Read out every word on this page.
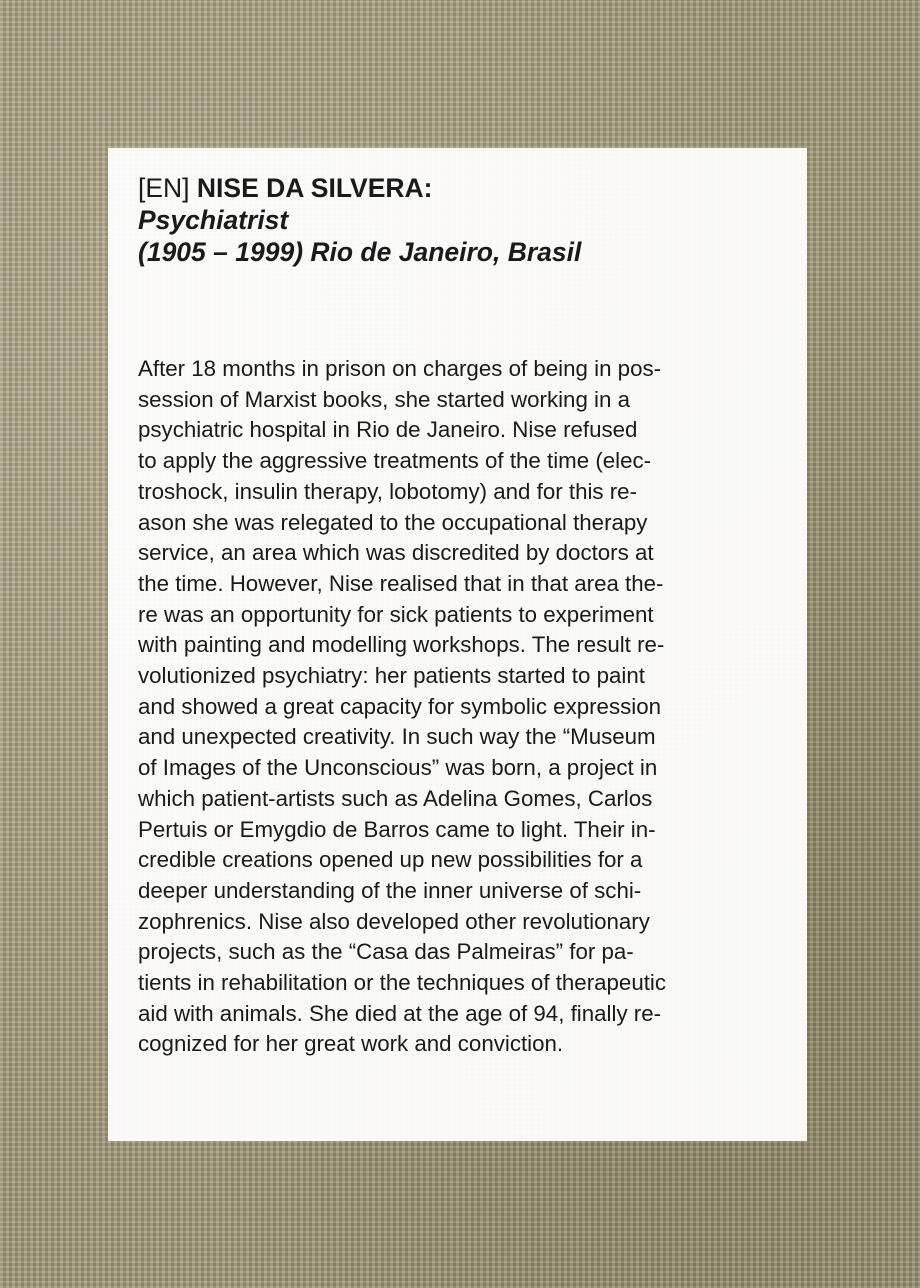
[EN] NISE DA SILVERA:

Psychiatrist

(1905 – 1999) Rio de Janeiro, Brasil

After 18 months in prison on charges of being in pos-
session of Marxist books, she started working in a
psychiatric hospital in Rio de Janeiro. Nise refused
to apply the aggressive treatments of the time (elec-
troshock, insulin therapy, lobotomy) and for this re-
ason she was relegated to the occupational therapy
service, an area which was discredited by doctors at
the time. However, Nise realised that in that area the-
re was an opportunity for sick patients to experiment
with painting and modelling workshops. The result re-
volutionized psychiatry: her patients started to paint
and showed a great capacity for symbolic expression
and unexpected creativity. In such way the “Museum
of Images of the Unconscious” was born, a project in
which patient-artists such as Adelina Gomes, Carlos
Pertuis or Emygdio de Barros came to light. Their in-
credible creations opened up new possibilities for a
deeper understanding of the inner universe of schi-
zophrenics. Nise also developed other revolutionary
projects, such as the “Casa das Palmeiras” for pa-
tients in rehabilitation or the techniques of therapeutic
aid with animals. She died at the age of 94, finally re-
cognized for her great work and conviction.
